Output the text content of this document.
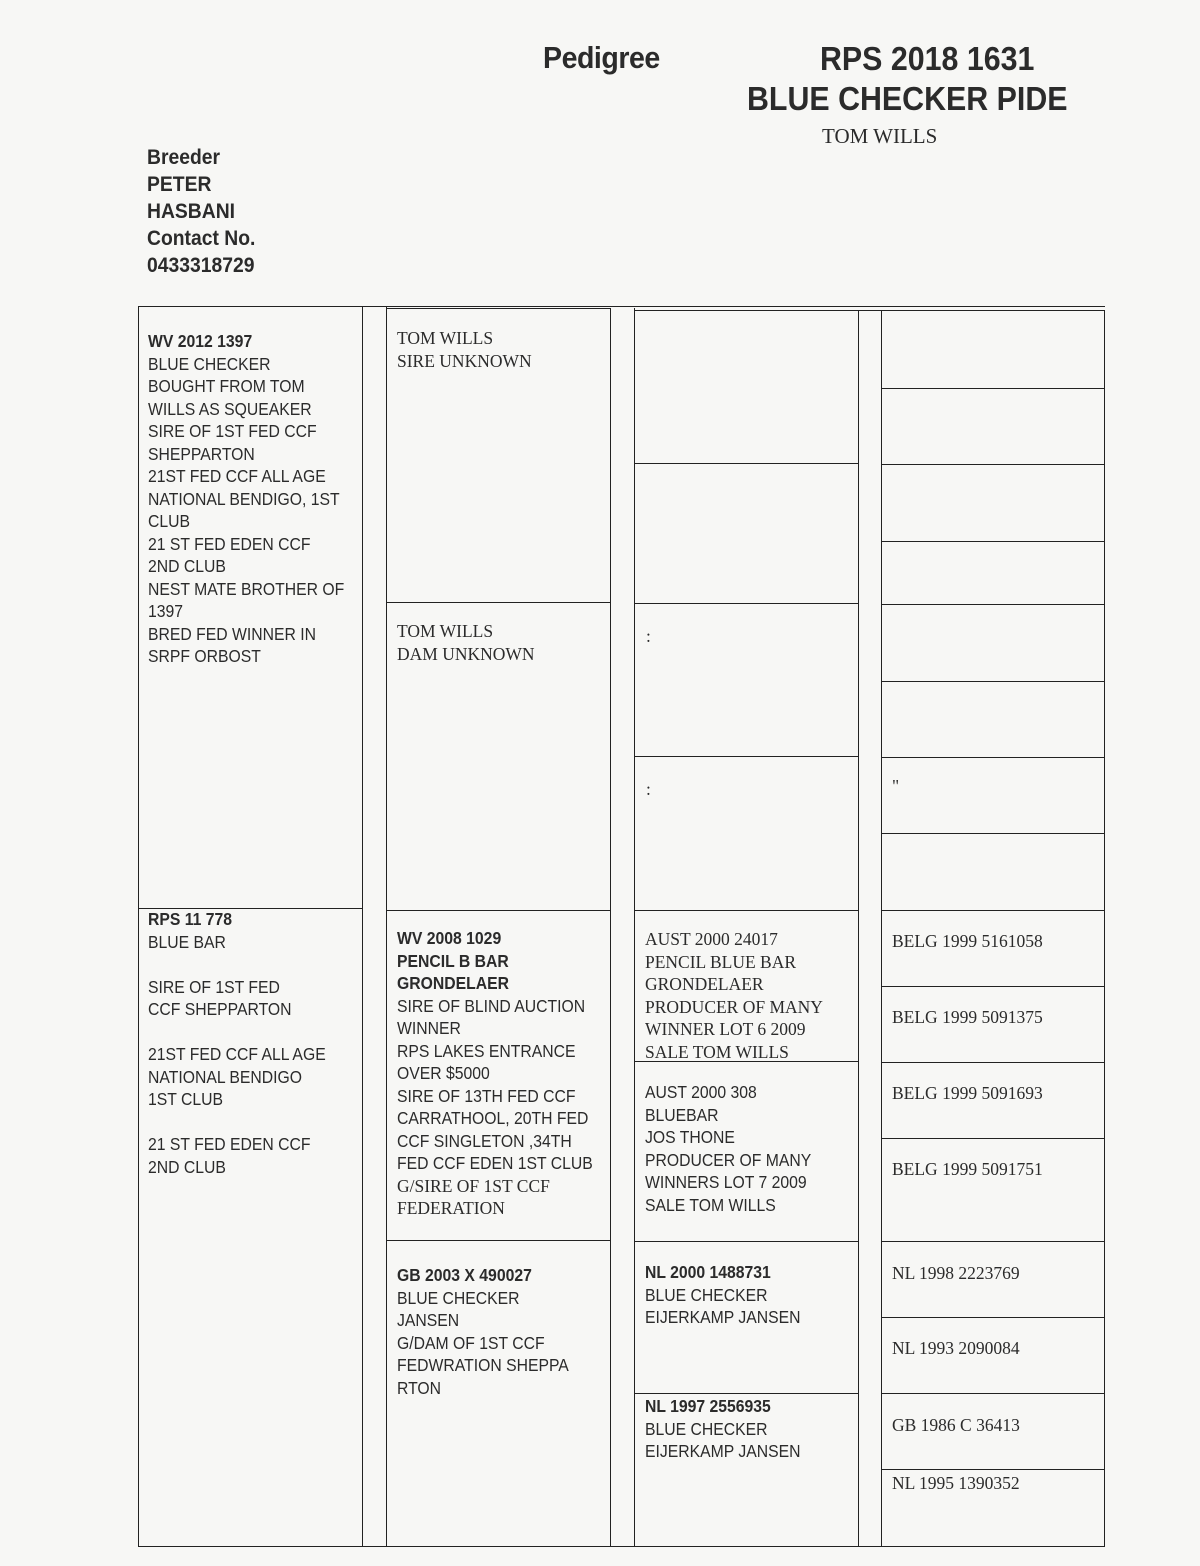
Pedigree	RPS 2018 1631
BLUE CHECKER PIDE
TOM WILLS
Breeder
PETER
HASBANI
Contact No.
0433318729
WV 2012 1397
BLUE CHECKER
BOUGHT FROM TOM
WILLS AS SQUEAKER
SIRE OF 1ST FED CCF
SHEPPARTON
21ST FED CCF ALL AGE
NATIONAL BENDIGO, 1ST
CLUB
21 ST FED EDEN CCF
2ND CLUB
NEST MATE BROTHER OF
1397
BRED FED WINNER IN
SRPF ORBOST
RPS 11 778
BLUE BAR
SIRE OF 1ST FED
CCF SHEPPARTON
21ST FED CCF ALL AGE
NATIONAL BENDIGO
1ST CLUB
21 ST FED EDEN CCF
2ND CLUB
TOM WILLS
SIRE UNKNOWN
TOM WILLS
DAM UNKNOWN
WV 2008 1029
PENCIL B BAR
GRONDELAER
SIRE OF BLIND AUCTION
WINNER
RPS LAKES ENTRANCE
OVER $5000
SIRE OF 13TH FED CCF
CARRATHOOL, 20TH FED
CCF SINGLETON ,34TH
FED CCF EDEN 1ST CLUB
G/SIRE OF 1ST CCF
FEDERATION
GB 2003 X 490027
BLUE CHECKER
JANSEN
G/DAM OF 1ST CCF
FEDWRATION SHEPPA
RTON
:
:
AUST 2000 24017
PENCIL BLUE BAR
GRONDELAER
PRODUCER OF MANY
WINNER LOT 6 2009
SALE TOM WILLS
AUST 2000 308
BLUEBAR
JOS THONE
PRODUCER OF MANY
WINNERS LOT 7 2009
SALE TOM WILLS
NL 2000 1488731
BLUE CHECKER
EIJERKAMP JANSEN
NL 1997 2556935
BLUE CHECKER
EIJERKAMP JANSEN
"
BELG 1999 5161058
BELG 1999 5091375
BELG 1999 5091693
BELG 1999 5091751
NL 1998 2223769
NL 1993 2090084
GB 1986 C 36413
NL 1995 1390352
